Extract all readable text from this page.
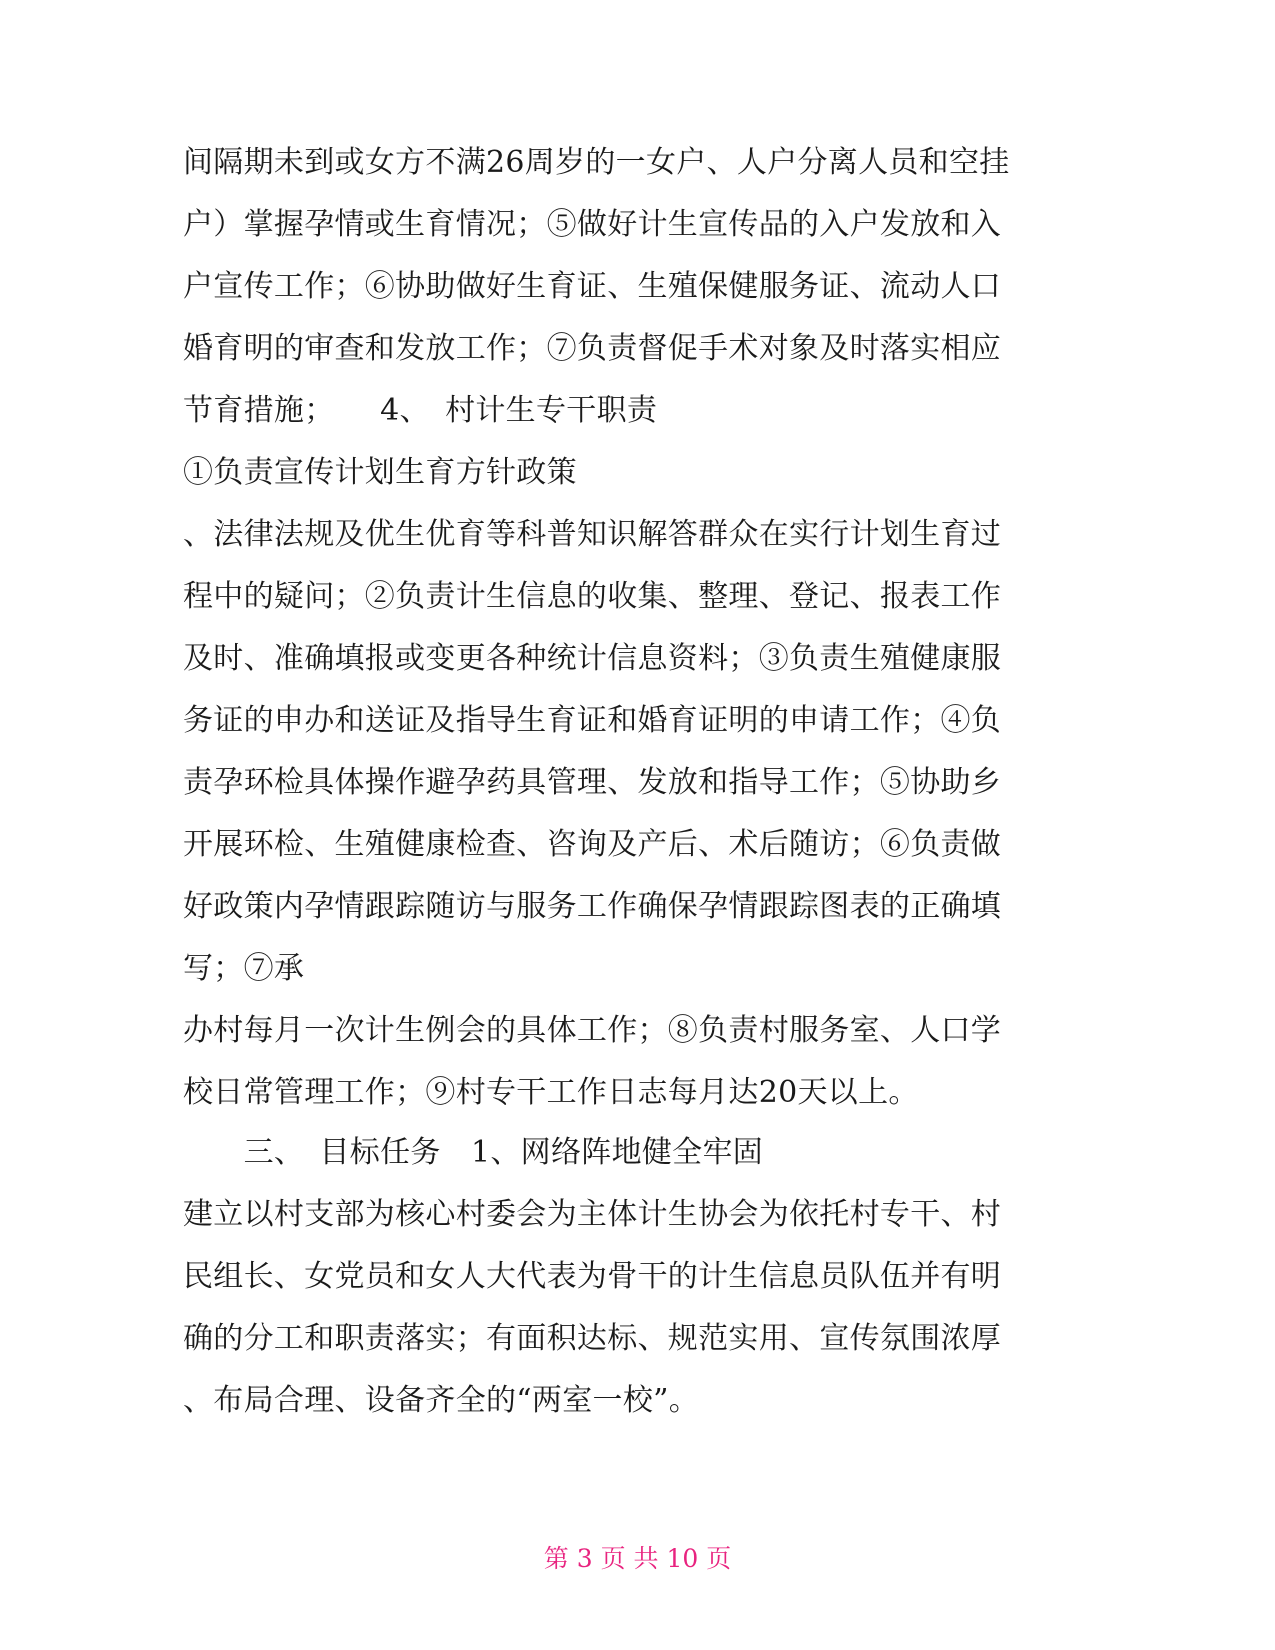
间隔期未到或女方不满26周岁的一女户、人户分离人员和空挂
户）掌握孕情或生育情况；⑤做好计生宣传品的入户发放和入
户宣传工作；⑥协助做好生育证、生殖保健服务证、流动人口
婚育明的审查和发放工作；⑦负责督促手术对象及时落实相应
节育措施；　　4、　村计生专干职责
①负责宣传计划生育方针政策
、法律法规及优生优育等科普知识解答群众在实行计划生育过
程中的疑问；②负责计生信息的收集、整理、登记、报表工作
及时、准确填报或变更各种统计信息资料；③负责生殖健康服
务证的申办和送证及指导生育证和婚育证明的申请工作；④负
责孕环检具体操作避孕药具管理、发放和指导工作；⑤协助乡
开展环检、生殖健康检查、咨询及产后、术后随访；⑥负责做
好政策内孕情跟踪随访与服务工作确保孕情跟踪图表的正确填
写；⑦承
办村每月一次计生例会的具体工作；⑧负责村服务室、人口学
校日常管理工作；⑨村专干工作日志每月达20天以上。
　　三、　目标任务　1、网络阵地健全牢固
建立以村支部为核心村委会为主体计生协会为依托村专干、村
民组长、女党员和女人大代表为骨干的计生信息员队伍并有明
确的分工和职责落实；有面积达标、规范实用、宣传氛围浓厚
、布局合理、设备齐全的“两室一校”。
第 3 页 共 10 页
